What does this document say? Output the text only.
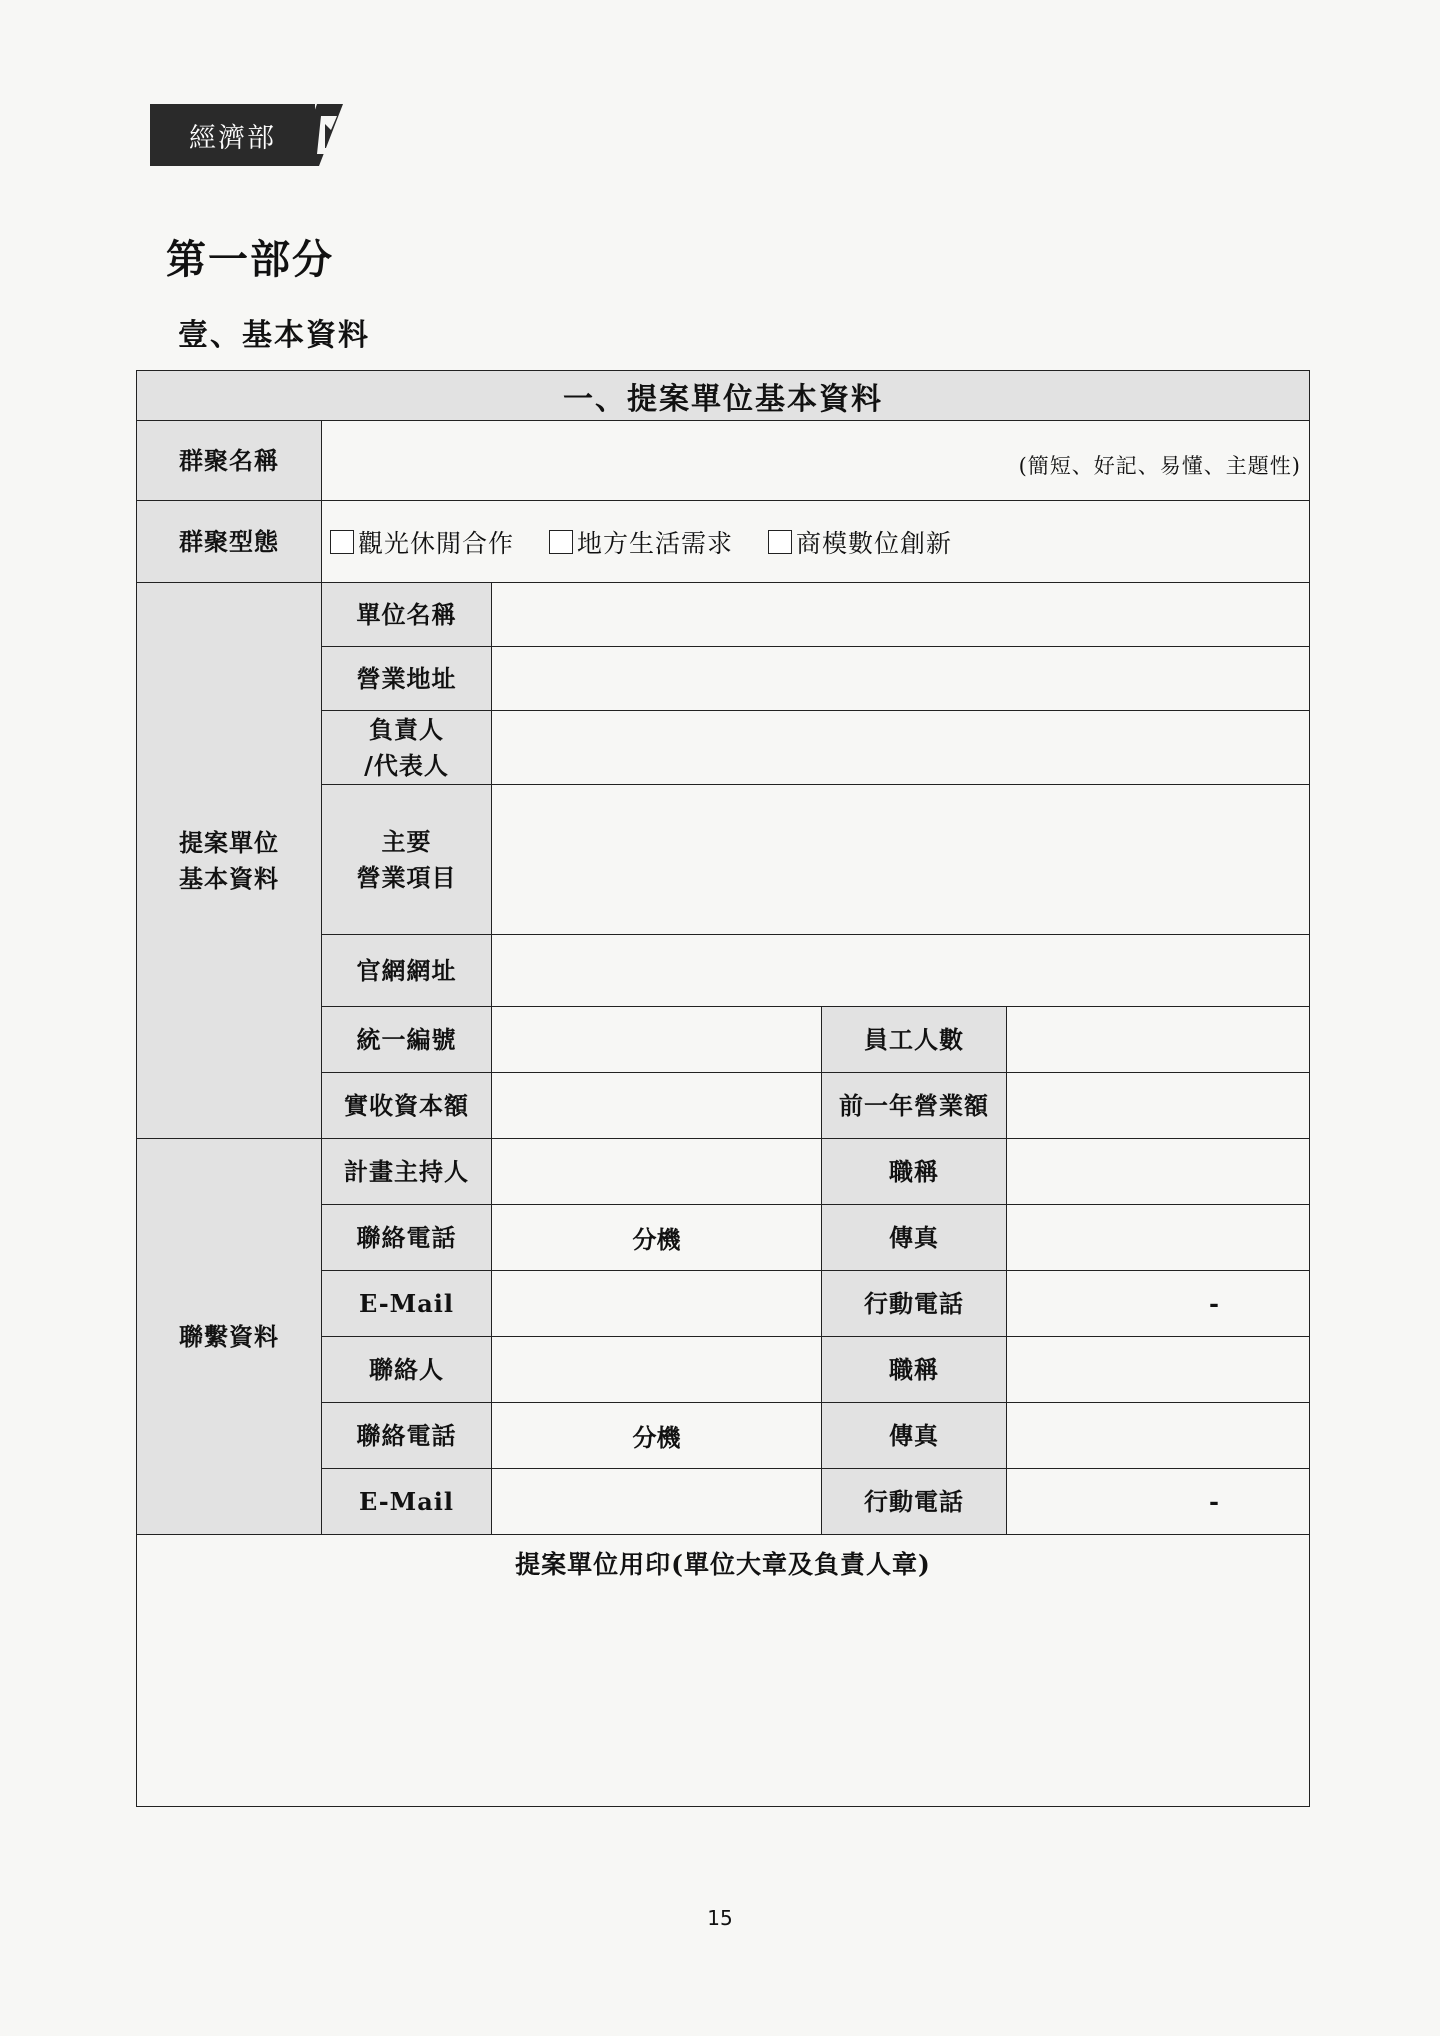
經濟部
第一部分
壹、基本資料
一、提案單位基本資料				
群聚名稱	(簡短、好記、易懂、主題性)			
群聚型態	觀光休閒合作
地方生活需求
商模數位創新			

提案單位
基本資料	單位名稱			
	營業地址			

	負責人
/代表人			

	主要
營業項目			

	官網網址			
	統一編號		員工人數	
	實收資本額		前一年營業額	

聯繫資料	計畫主持人		職稱	
	聯絡電話	分機	傳真	
	E-Mail		行動電話	-
	聯絡人		職稱	
	聯絡電話	分機	傳真	
	E-Mail		行動電話	-
提案單位用印(單位大章及負責人章)				
15
